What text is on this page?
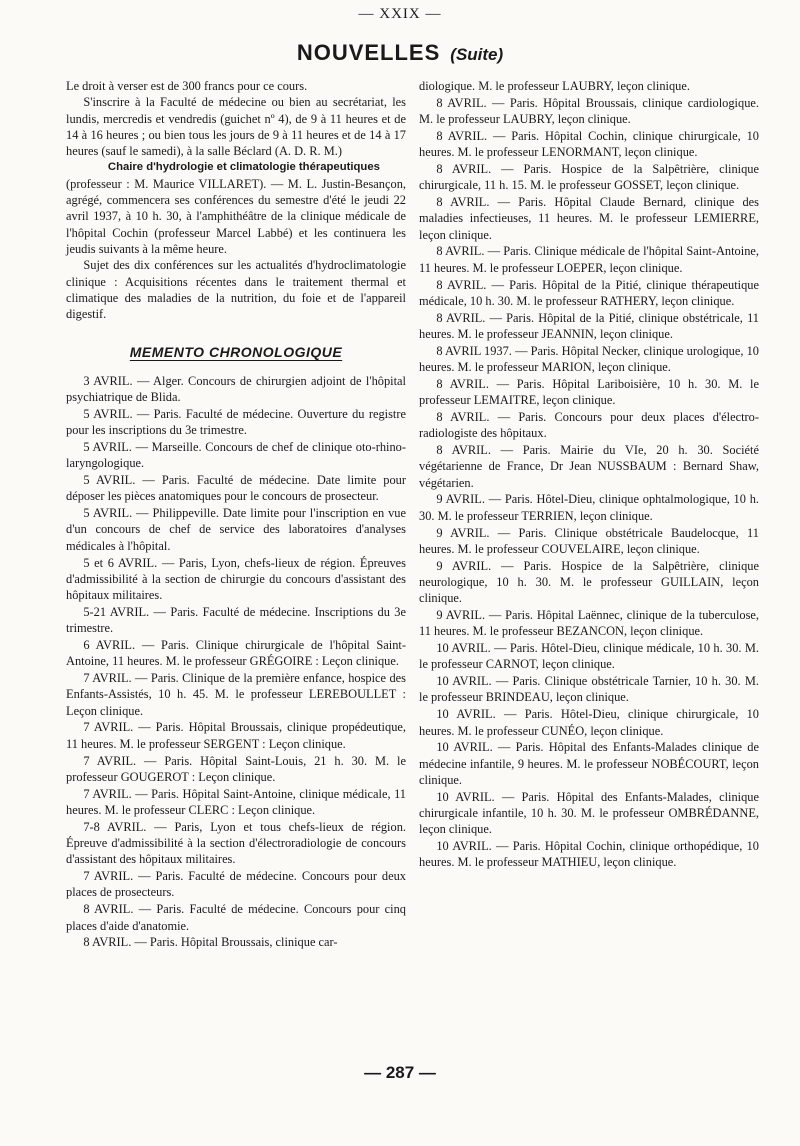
— XXIX —
NOUVELLES (Suite)

Le droit à verser est de 300 francs pour ce cours.

S'inscrire à la Faculté de médecine ou bien au secrétariat, les lundis, mercredis et vendredis (guichet nº 4), de 9 à 11 heures et de 14 à 16 heures ; ou bien tous les jours de 9 à 11 heures et de 14 à 17 heures (sauf le samedi), à la salle Béclard (A. D. R. M.)

Chaire d'hydrologie et climatologie thérapeutiques

(professeur : M. Maurice VILLARET). — M. L. Justin-Besançon, agrégé, commencera ses conférences du semestre d'été le jeudi 22 avril 1937, à 10 h. 30, à l'amphithéâtre de la clinique médicale de l'hôpital Cochin (professeur Marcel Labbé) et les continuera les jeudis suivants à la même heure.

Sujet des dix conférences sur les actualités d'hydroclimatologie clinique : Acquisitions récentes dans le traitement thermal et climatique des maladies de la nutrition, du foie et de l'appareil digestif.

MEMENTO CHRONOLOGIQUE

3 AVRIL. — Alger. Concours de chirurgien adjoint de l'hôpital psychiatrique de Blida.

5 AVRIL. — Paris. Faculté de médecine. Ouverture du registre pour les inscriptions du 3e trimestre.

5 AVRIL. — Marseille. Concours de chef de clinique oto-rhino-laryngologique.

5 AVRIL. — Paris. Faculté de médecine. Date limite pour déposer les pièces anatomiques pour le concours de prosecteur.

5 AVRIL. — Philippeville. Date limite pour l'inscription en vue d'un concours de chef de service des laboratoires d'analyses médicales à l'hôpital.

5 et 6 AVRIL. — Paris, Lyon, chefs-lieux de région. Épreuves d'admissibilité à la section de chirurgie du concours d'assistant des hôpitaux militaires.

5-21 AVRIL. — Paris. Faculté de médecine. Inscriptions du 3e trimestre.

6 AVRIL. — Paris. Clinique chirurgicale de l'hôpital Saint-Antoine, 11 heures. M. le professeur GRÉGOIRE : Leçon clinique.

7 AVRIL. — Paris. Clinique de la première enfance, hospice des Enfants-Assistés, 10 h. 45. M. le professeur LEREBOULLET : Leçon clinique.

7 AVRIL. — Paris. Hôpital Broussais, clinique propédeutique, 11 heures. M. le professeur SERGENT : Leçon clinique.

7 AVRIL. — Paris. Hôpital Saint-Louis, 21 h. 30. M. le professeur GOUGEROT : Leçon clinique.

7 AVRIL. — Paris. Hôpital Saint-Antoine, clinique médicale, 11 heures. M. le professeur CLERC : Leçon clinique.

7-8 AVRIL. — Paris, Lyon et tous chefs-lieux de région. Épreuve d'admissibilité à la section d'électroradiologie de concours d'assistant des hôpitaux militaires.

7 AVRIL. — Paris. Faculté de médecine. Concours pour deux places de prosecteurs.

8 AVRIL. — Paris. Faculté de médecine. Concours pour cinq places d'aide d'anatomie.

8 AVRIL. — Paris. Hôpital Broussais, clinique car-

diologique. M. le professeur LAUBRY, leçon clinique.

8 AVRIL. — Paris. Hôpital Broussais, clinique cardiologique. M. le professeur LAUBRY, leçon clinique.

8 AVRIL. — Paris. Hôpital Cochin, clinique chirurgicale, 10 heures. M. le professeur LENORMANT, leçon clinique.

8 AVRIL. — Paris. Hospice de la Salpêtrière, clinique chirurgicale, 11 h. 15. M. le professeur GOSSET, leçon clinique.

8 AVRIL. — Paris. Hôpital Claude Bernard, clinique des maladies infectieuses, 11 heures. M. le professeur LEMIERRE, leçon clinique.

8 AVRIL. — Paris. Clinique médicale de l'hôpital Saint-Antoine, 11 heures. M. le professeur LOEPER, leçon clinique.

8 AVRIL. — Paris. Hôpital de la Pitié, clinique thérapeutique médicale, 10 h. 30. M. le professeur RATHERY, leçon clinique.

8 AVRIL. — Paris. Hôpital de la Pitié, clinique obstétricale, 11 heures. M. le professeur JEANNIN, leçon clinique.

8 AVRIL 1937. — Paris. Hôpital Necker, clinique urologique, 10 heures. M. le professeur MARION, leçon clinique.

8 AVRIL. — Paris. Hôpital Lariboisière, 10 h. 30. M. le professeur LEMAITRE, leçon clinique.

8 AVRIL. — Paris. Concours pour deux places d'électro-radiologiste des hôpitaux.

8 AVRIL. — Paris. Mairie du VIe, 20 h. 30. Société végétarienne de France, Dr Jean NUSSBAUM : Bernard Shaw, végétarien.

9 AVRIL. — Paris. Hôtel-Dieu, clinique ophtalmologique, 10 h. 30. M. le professeur TERRIEN, leçon clinique.

9 AVRIL. — Paris. Clinique obstétricale Baudelocque, 11 heures. M. le professeur COUVELAIRE, leçon clinique.

9 AVRIL. — Paris. Hospice de la Salpêtrière, clinique neurologique, 10 h. 30. M. le professeur GUILLAIN, leçon clinique.

9 AVRIL. — Paris. Hôpital Laënnec, clinique de la tuberculose, 11 heures. M. le professeur BEZANCON, leçon clinique.

10 AVRIL. — Paris. Hôtel-Dieu, clinique médicale, 10 h. 30. M. le professeur CARNOT, leçon clinique.

10 AVRIL. — Paris. Clinique obstétricale Tarnier, 10 h. 30. M. le professeur BRINDEAU, leçon clinique.

10 AVRIL. — Paris. Hôtel-Dieu, clinique chirurgicale, 10 heures. M. le professeur CUNÉO, leçon clinique.

10 AVRIL. — Paris. Hôpital des Enfants-Malades clinique de médecine infantile, 9 heures. M. le professeur NOBÉCOURT, leçon clinique.

10 AVRIL. — Paris. Hôpital des Enfants-Malades, clinique chirurgicale infantile, 10 h. 30. M. le professeur OMBRÉDANNE, leçon clinique.

10 AVRIL. — Paris. Hôpital Cochin, clinique orthopédique, 10 heures. M. le professeur MATHIEU, leçon clinique.

— 287 —
